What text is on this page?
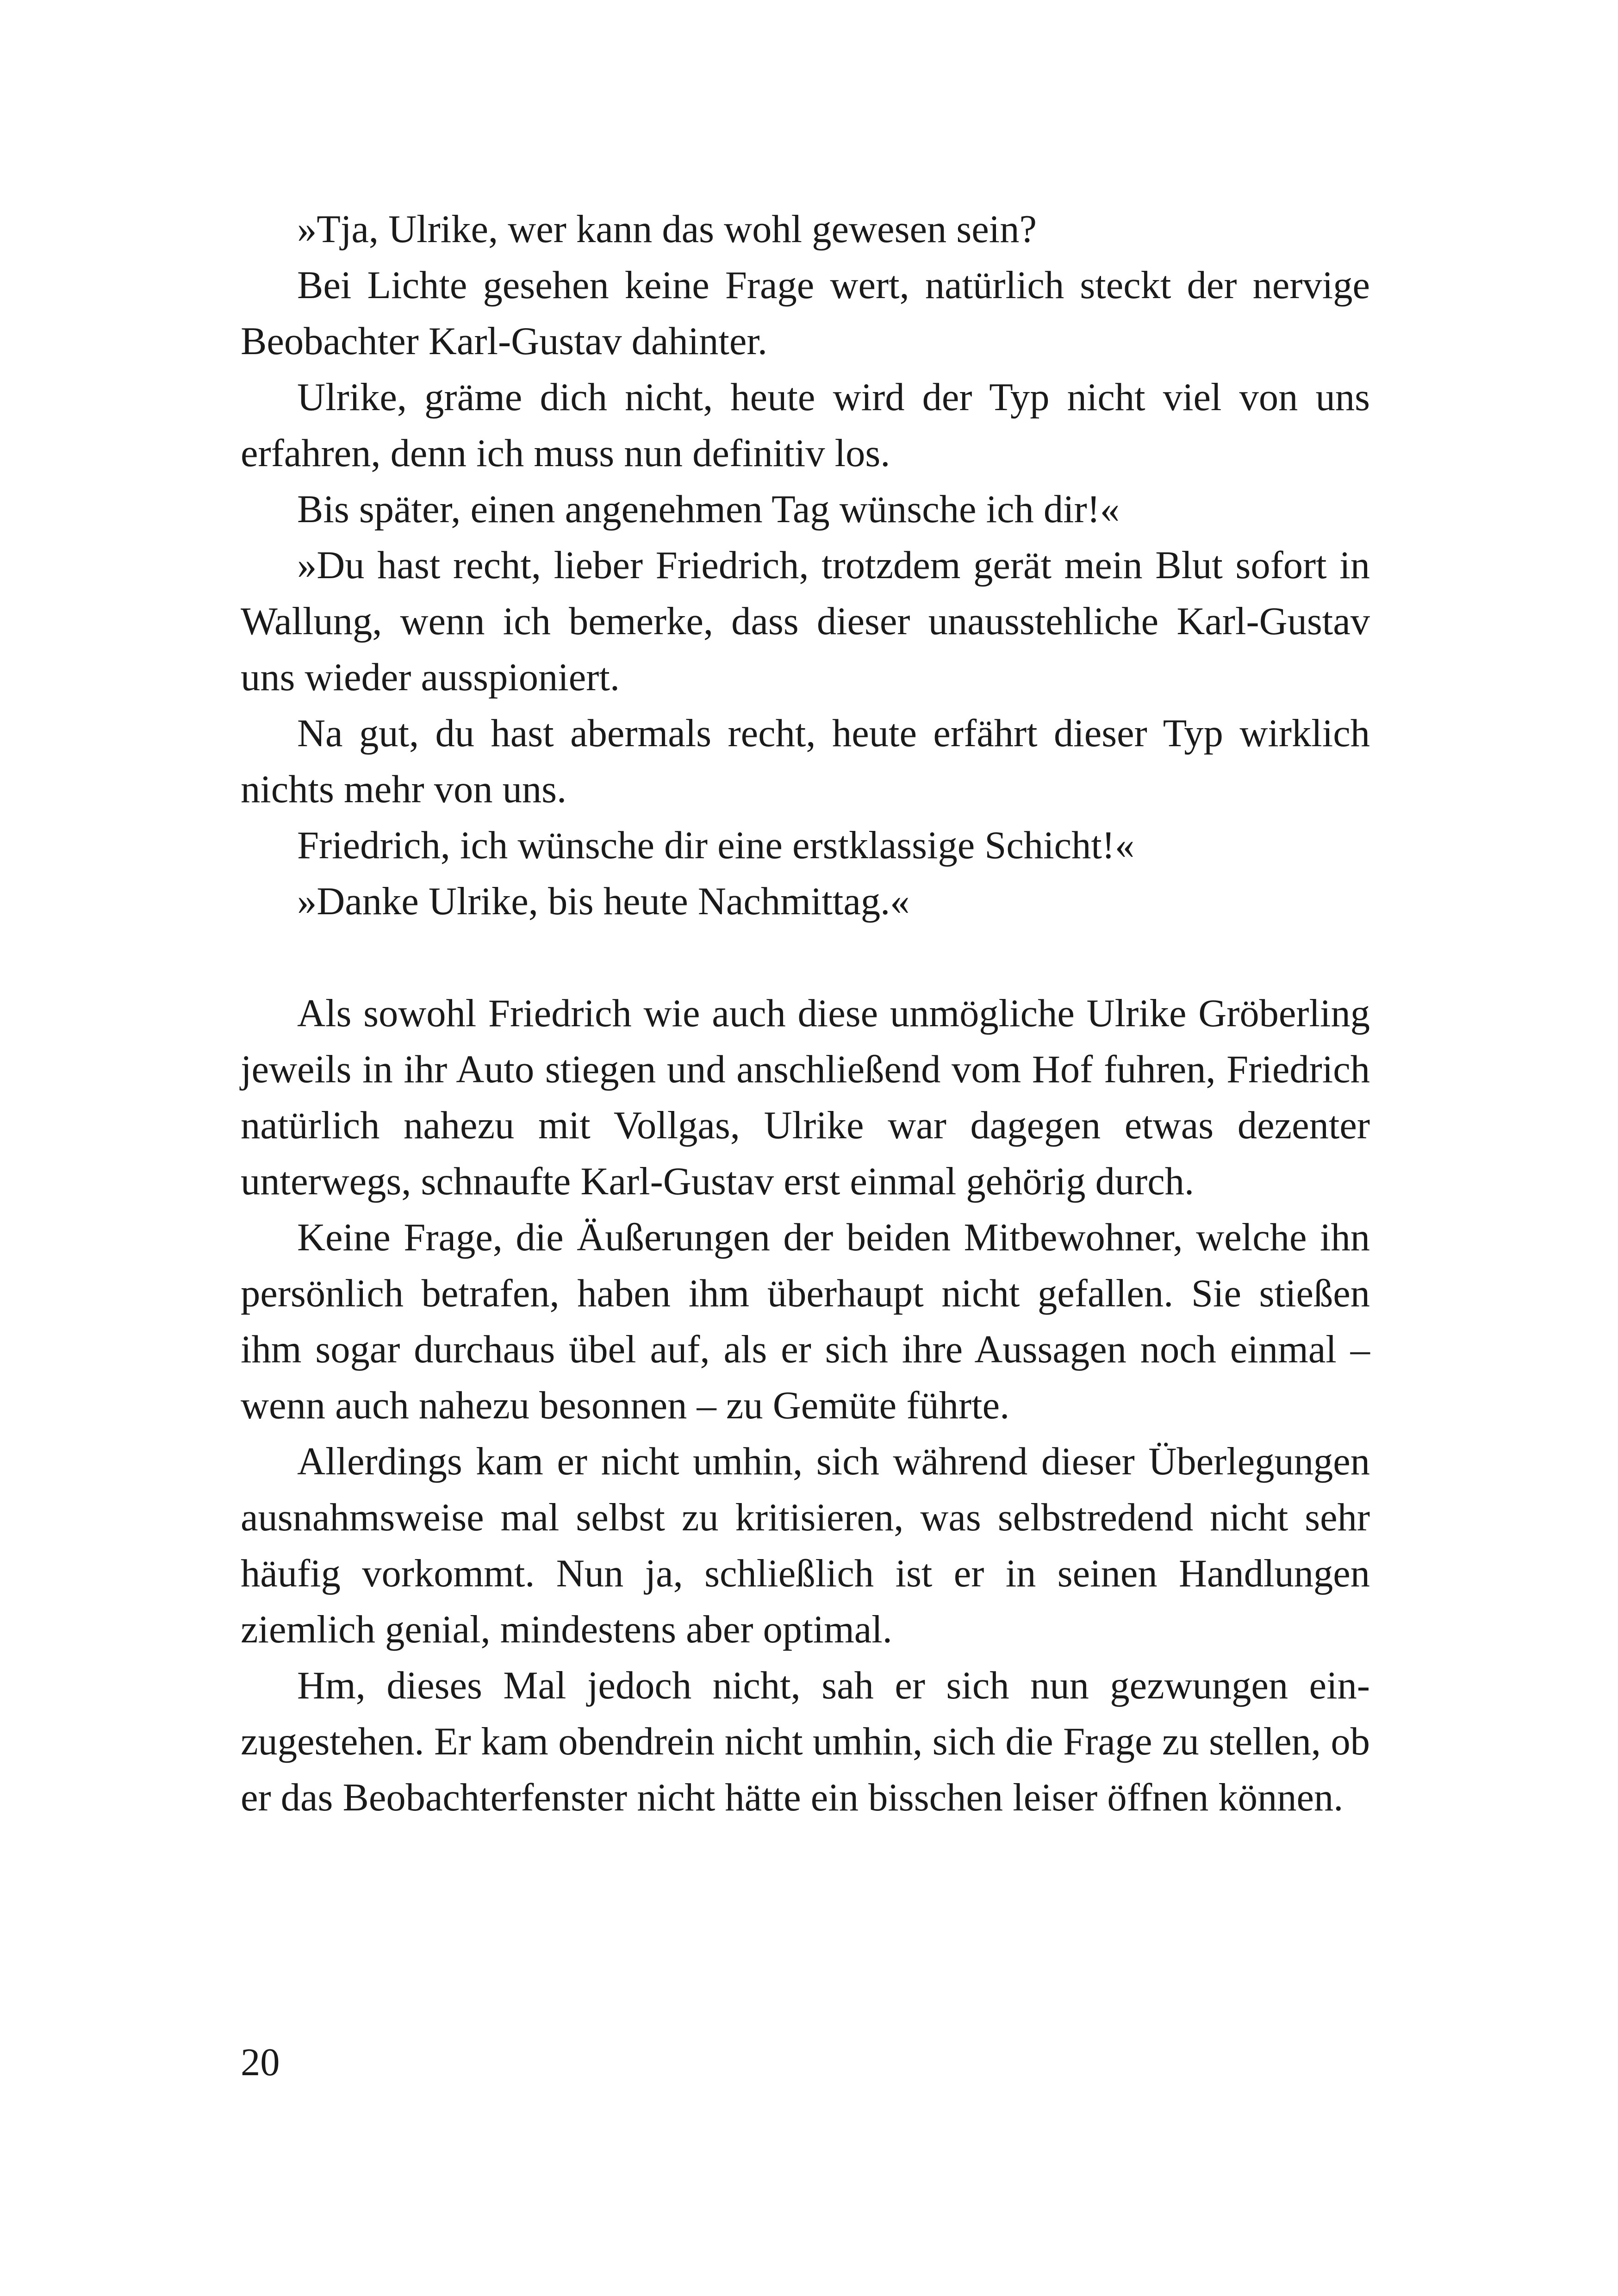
»Tja, Ulrike, wer kann das wohl gewesen sein?

Bei Lichte gesehen keine Frage wert, natürlich steckt der nervige Beobachter Karl-Gustav dahinter.

Ulrike, gräme dich nicht, heute wird der Typ nicht viel von uns erfahren, denn ich muss nun definitiv los.

Bis später, einen angenehmen Tag wünsche ich dir!«

»Du hast recht, lieber Friedrich, trotzdem gerät mein Blut sofort in Wallung, wenn ich bemerke, dass dieser unausstehliche Karl-Gustav uns wieder ausspioniert.

Na gut, du hast abermals recht, heute erfährt dieser Typ wirklich nichts mehr von uns.

Friedrich, ich wünsche dir eine erstklassige Schicht!«

»Danke Ulrike, bis heute Nachmittag.«

Als sowohl Friedrich wie auch diese unmögliche Ulrike Gröberling jeweils in ihr Auto stiegen und anschließend vom Hof fuhren, Friedrich natürlich nahezu mit Vollgas, Ulrike war dagegen etwas dezenter unterwegs, schnaufte Karl-Gustav erst einmal gehörig durch.

Keine Frage, die Äußerungen der beiden Mitbewohner, welche ihn persönlich betrafen, haben ihm überhaupt nicht gefallen. Sie stießen ihm sogar durchaus übel auf, als er sich ihre Aussagen noch einmal – wenn auch nahezu besonnen – zu Gemüte führte.

Allerdings kam er nicht umhin, sich während dieser Überlegungen ausnahmsweise mal selbst zu kritisieren, was selbstredend nicht sehr häufig vorkommt. Nun ja, schließlich ist er in seinen Handlungen ziemlich genial, mindestens aber optimal.

Hm, dieses Mal jedoch nicht, sah er sich nun gezwungen einzugestehen. Er kam obendrein nicht umhin, sich die Frage zu stellen, ob er das Beobachterfenster nicht hätte ein bisschen leiser öffnen können.

20
